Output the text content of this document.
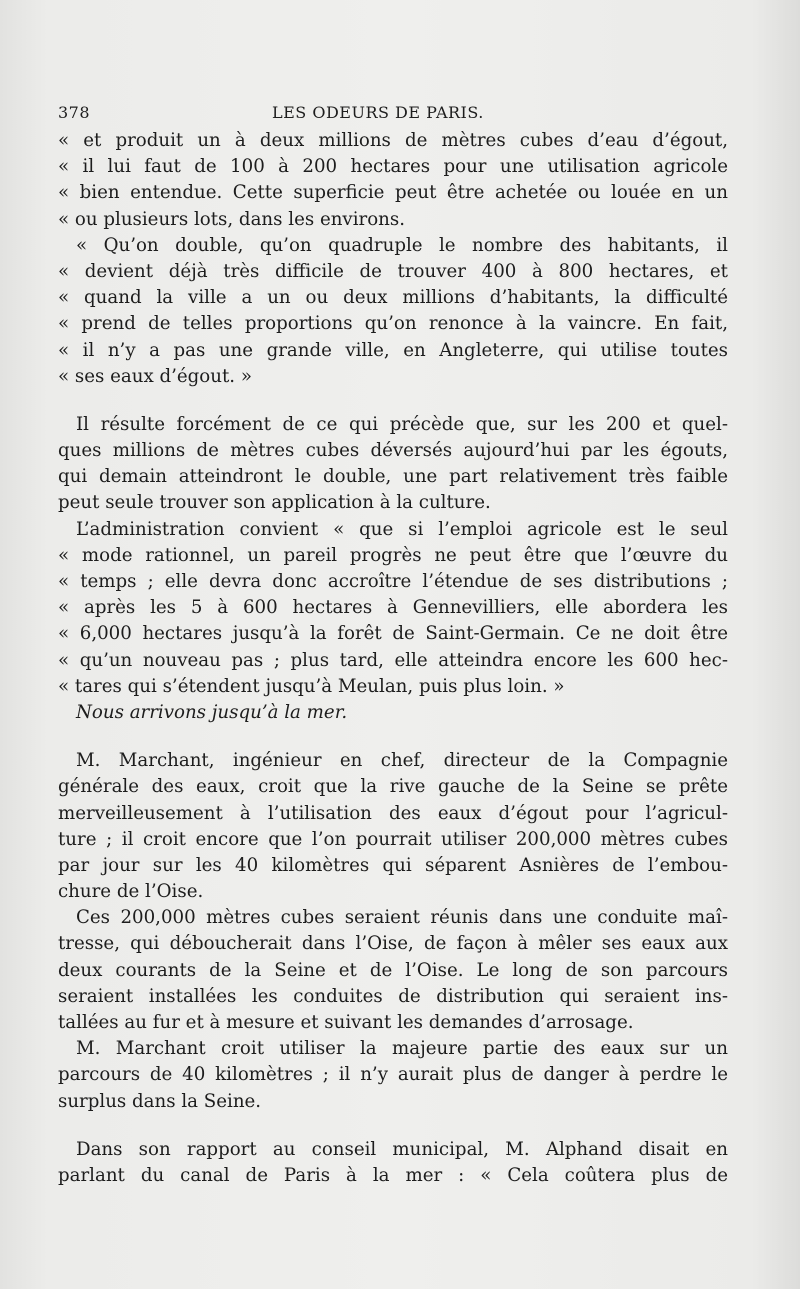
378	LES ODEURS DE PARIS.
« et produit un à deux millions de mètres cubes d’eau d’égout,
« il lui faut de 100 à 200 hectares pour une utilisation agricole
« bien entendue. Cette superficie peut être achetée ou louée en un
« ou plusieurs lots, dans les environs.
« Qu’on double, qu’on quadruple le nombre des habitants, il
« devient déjà très difficile de trouver 400 à 800 hectares, et
« quand la ville a un ou deux millions d’habitants, la difficulté
« prend de telles proportions qu’on renonce à la vaincre. En fait,
« il n’y a pas une grande ville, en Angleterre, qui utilise toutes
« ses eaux d’égout. »
Il résulte forcément de ce qui précède que, sur les 200 et quel-
ques millions de mètres cubes déversés aujourd’hui par les égouts,
qui demain atteindront le double, une part relativement très faible
peut seule trouver son application à la culture.
L’administration convient « que si l’emploi agricole est le seul
« mode rationnel, un pareil progrès ne peut être que l’œuvre du
« temps ; elle devra donc accroître l’étendue de ses distributions ;
« après les 5 à 600 hectares à Gennevilliers, elle abordera les
« 6,000 hectares jusqu’à la forêt de Saint-Germain. Ce ne doit être
« qu’un nouveau pas ; plus tard, elle atteindra encore les 600 hec-
« tares qui s’étendent jusqu’à Meulan, puis plus loin. »
Nous arrivons jusqu’à la mer.
M. Marchant, ingénieur en chef, directeur de la Compagnie
générale des eaux, croit que la rive gauche de la Seine se prête
merveilleusement à l’utilisation des eaux d’égout pour l’agricul-
ture ; il croit encore que l’on pourrait utiliser 200,000 mètres cubes
par jour sur les 40 kilomètres qui séparent Asnières de l’embou-
chure de l’Oise.
Ces 200,000 mètres cubes seraient réunis dans une conduite maî-
tresse, qui déboucherait dans l’Oise, de façon à mêler ses eaux aux
deux courants de la Seine et de l’Oise. Le long de son parcours
seraient installées les conduites de distribution qui seraient ins-
tallées au fur et à mesure et suivant les demandes d’arrosage.
M. Marchant croit utiliser la majeure partie des eaux sur un
parcours de 40 kilomètres ; il n’y aurait plus de danger à perdre le
surplus dans la Seine.
Dans son rapport au conseil municipal, M. Alphand disait en
parlant du canal de Paris à la mer : « Cela coûtera plus de
